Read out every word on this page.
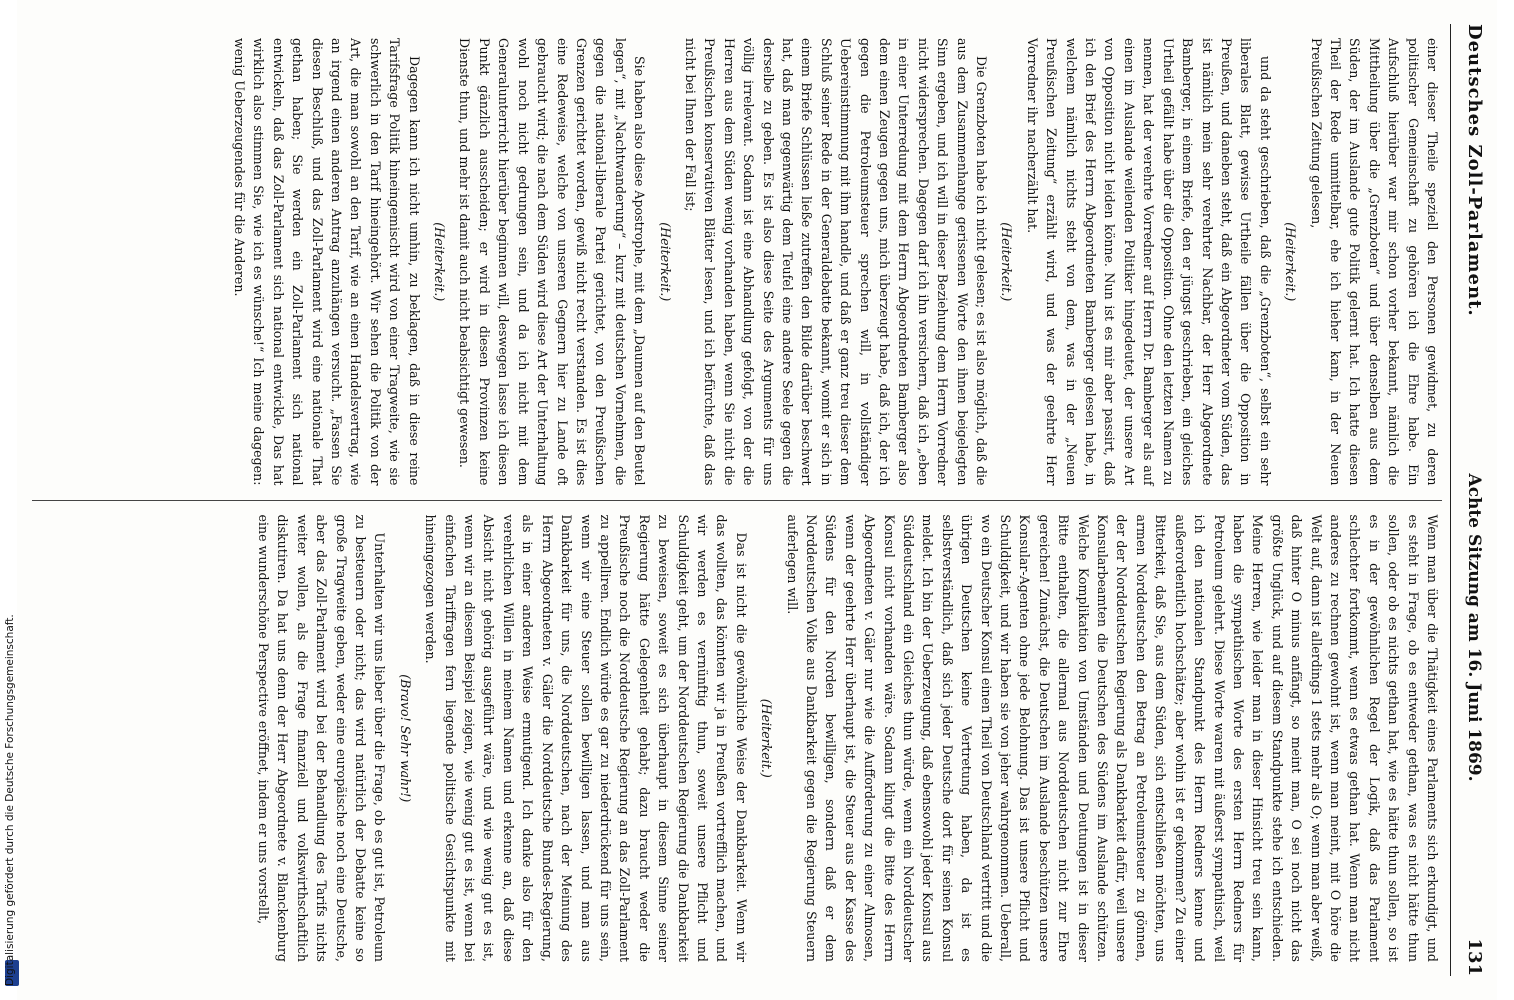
Deutsches Zoll-Parlament.
Achte Sitzung am 16. Juni 1869.
131

einer dieser Theile speziell den Personen gewidmet, zu deren politischer Gemeinschaft zu gehören ich die Ehre habe. Ein Aufschluß hierüber war mir schon vorher bekannt, nämlich die Mittheilung über die „Grenzboten“ und über denselben aus dem Süden, der im Auslande gute Politik gelernt hat. Ich hatte diesen Theil der Rede unmittelbar, ehe ich hieher kam, in der Neuen Preußischen Zeitung gelesen,

(Heiterkeit.)

und da steht geschrieben, daß die „Grenzboten“, selbst ein sehr liberales Blatt, gewisse Urtheile fällen über die Opposition in Preußen, und daneben steht, daß ein Abgeordneter vom Süden, das ist nämlich mein sehr verehrter Nachbar, der Herr Abgeordnete Bamberger, in einem Briefe, den er jüngst geschrieben, ein gleiches Urtheil gefällt habe über die Opposition. Ohne den letzten Namen zu nennen, hat der verehrte Vorredner auf Herrn Dr. Bamberger als auf einen im Auslande weilenden Politiker hingedeutet, der unsere Art von Opposition nicht leiden könne. Nun ist es mir aber passirt, daß ich den Brief des Herrn Abgeordneten Bamberger gelesen habe, in welchem nämlich nichts steht von dem, was in der „Neuen Preußischen Zeitung“ erzählt wird, und was der geehrte Herr Vorredner ihr nacherzählt hat.

(Heiterkeit.)

Die Grenzboten habe ich nicht gelesen; es ist also möglich, daß die aus dem Zusammenhange gerissenen Worte den ihnen beigelegten Sinn ergeben, und ich will in dieser Beziehung dem Herrn Vorredner nicht widersprechen. Dagegen darf ich ihn versichern, daß ich „eben in einer Unterredung mit dem Herrn Abgeordneten Bamberger also dem einen Zeugen gegen uns, mich überzeugt habe, daß ich, der ich gegen die Petroleumsteuer sprechen will, in vollständiger Uebereinstimmung mit ihm handle, und daß er ganz treu dieser dem Schluß seiner Rede in der Generaldebatte bekannt, womit er sich in einem Briefe Schlüssen ließe zutreffen den Bilde darüber beschwert hat, daß man gegenwärtig dem Teufel eine andere Seele gegen die derselbe zu geben. Es ist also diese Seite des Arguments für uns völlig irrelevant. Sodann ist eine Abhandlung gefolgt, von der die Herren aus dem Süden wenig vorhanden haben, wenn Sie nicht die Preußischen konservativen Blätter lesen, und ich befürchte, daß das nicht bei Ihnen der Fall ist;

(Heiterkeit.)

Sie haben also diese Apostrophe, mit dem „Daumen auf den Beutel legen“, mit „Nachtwanderung“ – kurz mit deutschen Vornehmen, die gegen die national-liberale Partei gerichtet, von den Preußischen Grenzen gerichtet worden, gewiß nicht recht verstanden. Es ist dies eine Redeweise, welche von unseren Gegnern hier zu Lande oft gebraucht wird; die nach dem Süden wird diese Art der Unterhaltung wohl noch nicht gedrungen sein, und da ich nicht mit dem Generalunterricht hierüber beginnen will, deswegen lasse ich diesen Punkt gänzlich ausscheiden; er wird in diesen Provinzen keine Dienste thun, und mehr ist damit auch nicht beabsichtigt gewesen.

(Heiterkeit.)

Dagegen kann ich nicht umhin, zu beklagen, daß in diese reine Tarifsfrage Politik hineingemischt wird von einer Tragweite, wie sie schwerlich in den Tarif hineingehört. Wir sehen die Politik von der Art, die man sowohl an den Tarif, wie an einen Handelsvertrag, wie an irgend einen anderen Antrag anzuhängen versucht. „Fassen Sie diesen Beschluß, und das Zoll-Parlament wird eine nationale That gethan haben; Sie werden ein Zoll-Parlament sich national entwickeln, daß das Zoll-Parlament sich national entwickle, Das hat wirklich also stimmen Sie, wie ich es wünsche!“ Ich meine dagegen: wenig Ueberzeugendes für die Anderen.

Wenn man über die Thätigkeit eines Parlaments sich erkundigt, und es steht in Frage, ob es entweder gethan, was es nicht hätte thun sollen, oder ob es nichts gethan hat, wie es hätte thun sollen, so ist es in der gewöhnlichen Regel der Logik, daß das Parlament schlechter fortkommt, wenn es etwas gethan hat. Wenn man nicht anderes zu rechnen gewohnt ist, wenn man meint, mit O höre die Welt auf, dann ist allerdings 1 stets mehr als O; wenn man aber weiß, daß hinter O minus anfängt, so meint man, O sei noch nicht das größte Unglück, und auf diesem Standpunkte stehe ich entschieden. Meine Herren, wie leider man in dieser Hinsicht treu sein kann, haben die sympathischen Worte des ersten Herrn Redners für Petroleum gelehrt. Diese Worte waren mit äußerst sympathisch, weil ich den nationalen Standpunkt des Herrn Redners kenne und außerordentlich hochschätze; aber wohin ist er gekommen? Zu einer Bitterkeit, daß Sie, aus dem Süden, sich entschließen möchten, uns armen Norddeutschen den Betrag an Petroleumsteuer zu gönnen, der der Norddeutschen Regierung als Dankbarkeit dafür, weil unsere Konsularbeamten die Deutschen des Südens im Auslande schützen. Welche Komplikation von Umständen und Deutungen ist in dieser Bitte enthalten, die allermal aus Norddeutschen nicht zur Ehre gereichen! Zunächst, die Deutschen im Auslande beschützen unsere Konsular-Agenten ohne jede Belohnung. Das ist unsere Pflicht und Schuldigkeit, und wir haben sie von jeher wahrgenommen. Ueberall, wo ein Deutscher Konsul einen Theil von Deutschland vertritt und die übrigen Deutschen keine Vertretung haben, da ist es selbstverständlich, daß sich jeder Deutsche dort für seinen Konsul meldet. Ich bin der Ueberzeugung, daß ebensowohl jeder Konsul aus Süddeutschland ein Gleiches thun würde, wenn ein Norddeutscher Konsul nicht vorhanden wäre. Sodann klingt die Bitte des Herrn Abgeordneten v. Gäler nur wie die Aufforderung zu einer Almosen, wenn der geehrte Herr überhaupt ist, die Steuer aus der Kasse des Südens für den Norden bewilligen, sondern daß er dem Norddeutschen Volke aus Dankbarkeit gegen die Regierung Steuern auferlegen will.

(Heiterkeit.)

Das ist nicht die gewöhnliche Weise der Dankbarkeit. Wenn wir das wollten, das könnten wir ja in Preußen vortrefflich machen, und wir werden es vernünftig thun, soweit unsere Pflicht und Schuldigkeit geht, um der Norddeutschen Regierung die Dankbarkeit zu beweisen, soweit es sich überhaupt in diesem Sinne seiner Regierung hätte Gelegenheit gehabt; dazu braucht weder die Preußische noch die Norddeutsche Regierung an das Zoll-Parlament zu appelliren. Endlich würde es gar zu niederdrückend für uns sein, wenn wir eine Steuer sollen bewilligen lassen, und man aus Dankbarkeit für uns, die Norddeutschen, nach der Meinung des Herrn Abgeordneten v. Gäler die Norddeutsche Bundes-Regierung, als in einer anderen Weise ermutigend. Ich danke also für den verehrlichen Willen in meinem Namen und erkenne an, daß diese Absicht nicht gehörig ausgeführt wäre, und wie wenig gut es ist, wenn wir an diesem Beispiel zeigen, wie wenig gut es ist, wenn bei einfachen Tariffragen fern liegende politische Gesichtspunkte mit hineingezogen werden.

(Bravo! Sehr wahr!)

Unterhalten wir uns lieber über die Frage, ob es gut ist, Petroleum zu besteuern oder nicht; das wird natürlich der Debatte keine so große Tragweite geben, weder eine europäische noch eine Deutsche, aber das Zoll-Parlament wird bei der Behandlung des Tarifs nichts weiter wollen, als die Frage finanziell und volkswirthschaftlich diskutiren. Da hat uns denn der Herr Abgeordnete v. Blanckenburg eine wunderschöne Perspective eröffnet, indem er uns vorstellt,

Digitalisierung gefördert durch die Deutsche Forschungsgemeinschaft.
